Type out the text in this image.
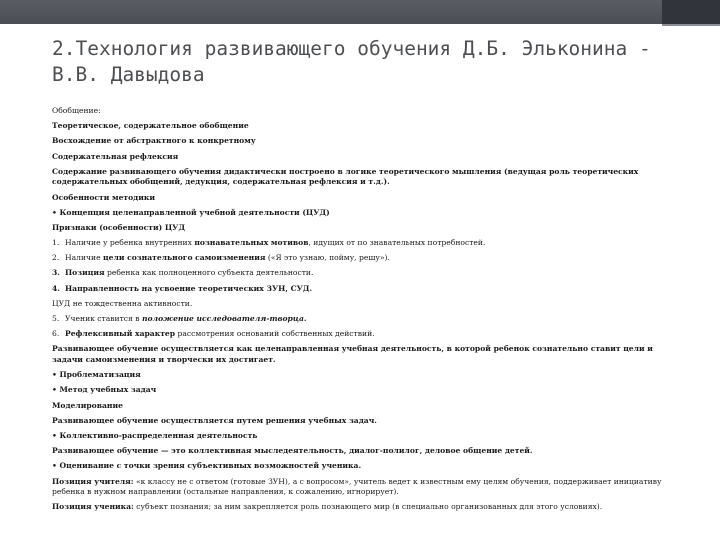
2.Технология развивающего обучения Д.Б. Эльконина - В.В. Давыдова

Обобщение:

Теоретическое, содержательное обобщение

Восхождение от абстрактного к конкретному

Содержательная рефлексия

Содержание развивающего обучения дидактически построено в логике теоретического мышления (ведущая роль теоретических содержательных обобщений, дедукция, содержательная рефлексия и т.д.).

Особенности методики

• Концепция целенаправленной учебной деятельности (ЦУД)

Признаки (особенности) ЦУД

1. Наличие у ребенка внутренних познавательных мотивов, идущих от по знавательных потребностей.

2. Наличие цели сознательного самоизменения («Я это узнаю, пойму, решу»).

3. Позиция ребенка как полноценного субъекта деятельности.

4. Направленность на усвоение теоретических ЗУН, СУД.

ЦУД не тождественна активности.

5. Ученик ставится в положение исследователя-творца.

6. Рефлексивный характер рассмотрения оснований собственных действий.

Развивающее обучение осуществляется как целенаправленная учебная деятельность, в которой ребенок сознательно ставит цели и задачи самоизменения и творчески их достигает.

• Проблематизация

• Метод учебных задач

Моделирование

Развивающее обучение осуществляется путем решения учебных задач.

• Коллективно-распределенная деятельность

Развивающее обучение — это коллективная мыследеятельность, диалог-полилог, деловое общение детей.

• Оценивание с точки зрения субъективных возможностей ученика.

Позиция учителя: «к классу не с ответом (готовые ЗУН), а с вопросом», учитель ведет к известным ему целям обучения, поддерживает инициативу ребенка в нужном направлении (остальные направления, к сожалению, игнорирует).

Позиция ученика: субъект познания; за ним закрепляется роль познающего мир (в специально организованных для этого условиях).
